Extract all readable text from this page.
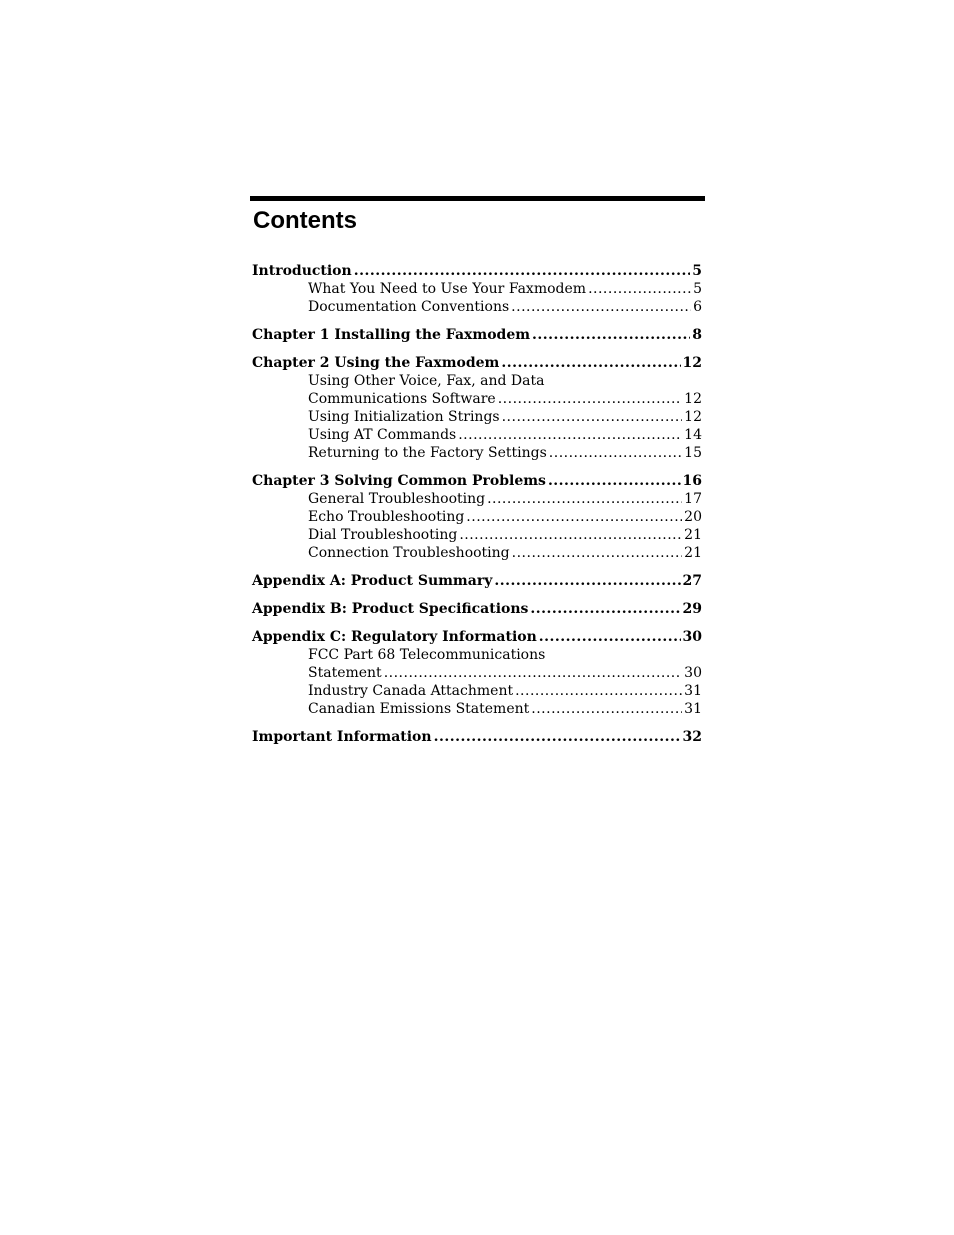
Contents
Introduction .....	5
What You Need to Use Your Faxmodem .....	5
Documentation Conventions .....	6
Chapter 1 Installing the Faxmodem .....	8
Chapter 2 Using the Faxmodem .....	12
Using Other Voice, Fax, and Data
Communications Software .....	12
Using Initialization Strings .....	12
Using AT Commands .....	14
Returning to the Factory Settings .....	15
Chapter 3 Solving Common Problems .....	16
General Troubleshooting .....	17
Echo Troubleshooting .....	20
Dial Troubleshooting .....	21
Connection Troubleshooting .....	21
Appendix A: Product Summary .....	27
Appendix B: Product Specifications .....	29
Appendix C: Regulatory Information .....	30
FCC Part 68 Telecommunications
Statement .....	30
Industry Canada Attachment .....	31
Canadian Emissions Statement .....	31
Important Information .....	32
